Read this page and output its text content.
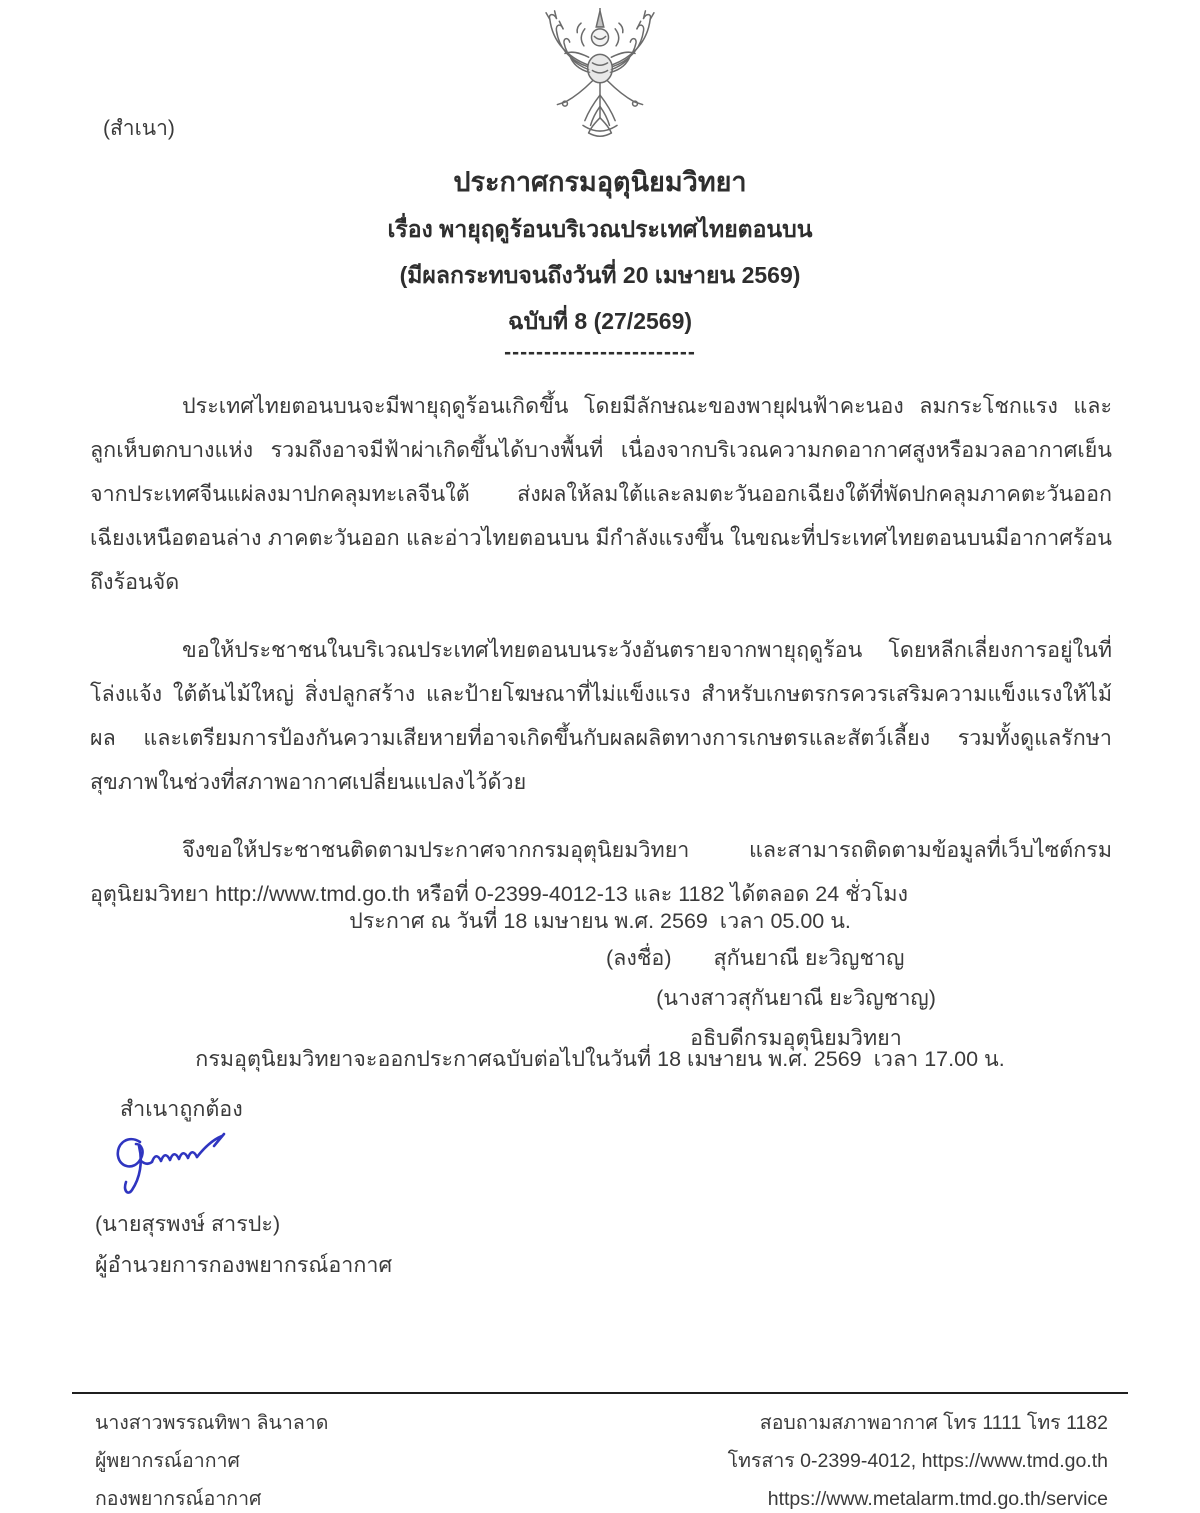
(สำเนา)
ประกาศกรมอุตุนิยมวิทยา
เรื่อง พายุฤดูร้อนบริเวณประเทศไทยตอนบน
(มีผลกระทบจนถึงวันที่ 20 เมษายน 2569)
ฉบับที่ 8 (27/2569)
------------------------

ประเทศไทยตอนบนจะมีพายุฤดูร้อนเกิดขึ้น โดยมีลักษณะของพายุฝนฟ้าคะนอง ลมกระโชกแรง และลูกเห็บตกบางแห่ง รวมถึงอาจมีฟ้าผ่าเกิดขึ้นได้บางพื้นที่ เนื่องจากบริเวณความกดอากาศสูงหรือมวลอากาศเย็นจากประเทศจีนแผ่ลงมาปกคลุมทะเลจีนใต้ ส่งผลให้ลมใต้และลมตะวันออกเฉียงใต้ที่พัดปกคลุมภาคตะวันออกเฉียงเหนือตอนล่าง ภาคตะวันออก และอ่าวไทยตอนบน มีกำลังแรงขึ้น ในขณะที่ประเทศไทยตอนบนมีอากาศร้อนถึงร้อนจัด

ขอให้ประชาชนในบริเวณประเทศไทยตอนบนระวังอันตรายจากพายุฤดูร้อน โดยหลีกเลี่ยงการอยู่ในที่โล่งแจ้ง ใต้ต้นไม้ใหญ่ สิ่งปลูกสร้าง และป้ายโฆษณาที่ไม่แข็งแรง สำหรับเกษตรกรควรเสริมความแข็งแรงให้ไม้ผล และเตรียมการป้องกันความเสียหายที่อาจเกิดขึ้นกับผลผลิตทางการเกษตรและสัตว์เลี้ยง รวมทั้งดูแลรักษาสุขภาพในช่วงที่สภาพอากาศเปลี่ยนแปลงไว้ด้วย

จึงขอให้ประชาชนติดตามประกาศจากกรมอุตุนิยมวิทยา และสามารถติดตามข้อมูลที่เว็บไซต์กรมอุตุนิยมวิทยา http://www.tmd.go.th หรือที่ 0-2399-4012-13 และ 1182 ได้ตลอด 24 ชั่วโมง

ประกาศ ณ วันที่ 18 เมษายน พ.ศ. 2569  เวลา 05.00 น.

กรมอุตุนิยมวิทยาจะออกประกาศฉบับต่อไปในวันที่ 18 เมษายน พ.ศ. 2569  เวลา 17.00 น.

(ลงชื่อ) สุกันยาณี ยะวิญชาญ
(นางสาวสุกันยาณี ยะวิญชาญ)
อธิบดีกรมอุตุนิยมวิทยา
สำเนาถูกต้อง
(นายสุรพงษ์ สารปะ)
ผู้อำนวยการกองพยากรณ์อากาศ
นางสาวพรรณทิพา ลินาลาด
ผู้พยากรณ์อากาศ
กองพยากรณ์อากาศ
สอบถามสภาพอากาศ โทร 1111 โทร 1182
โทรสาร 0-2399-4012, https://www.tmd.go.th
https://www.metalarm.tmd.go.th/service
